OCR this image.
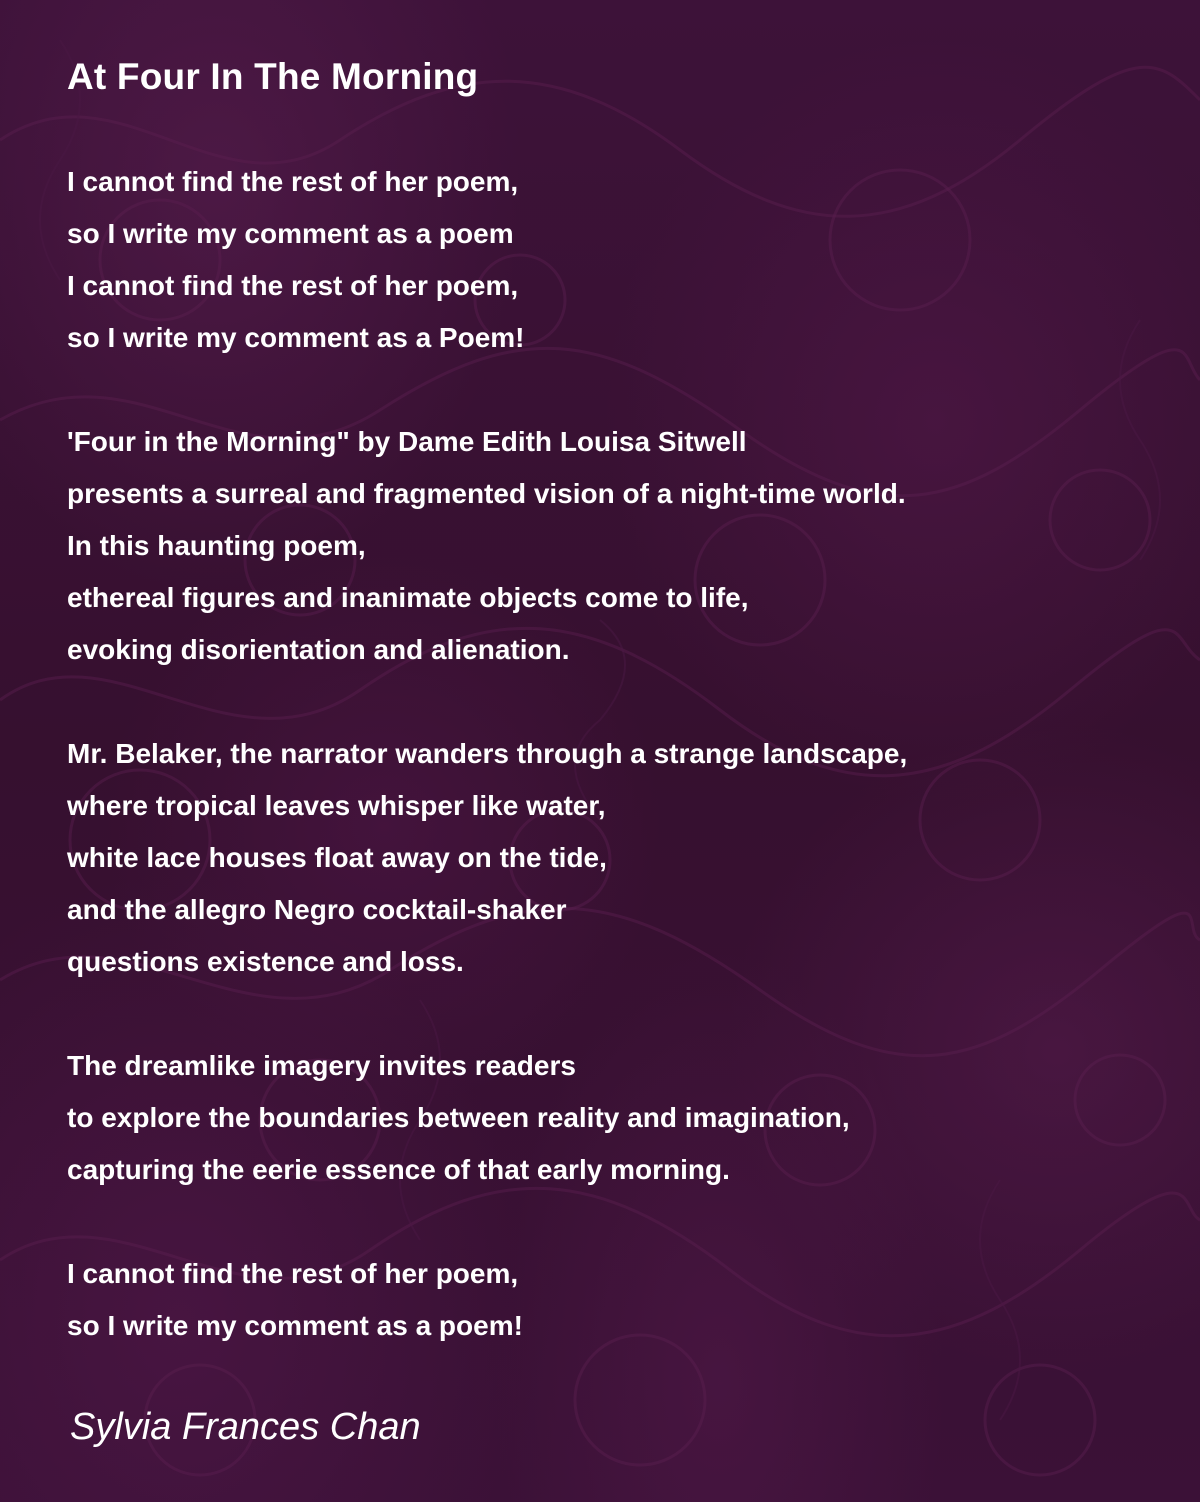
At Four In The Morning
I cannot find the rest of her poem,
so I write my comment as a poem
I cannot find the rest of her poem,
so I write my comment as a Poem!
'Four in the Morning" by Dame Edith Louisa Sitwell
presents a surreal and fragmented vision of a night-time world.
In this haunting poem,
ethereal figures and inanimate objects come to life,
evoking disorientation and alienation.
Mr. Belaker, the narrator wanders through a strange landscape,
where tropical leaves whisper like water,
white lace houses float away on the tide,
and the allegro Negro cocktail-shaker
questions existence and loss.
The dreamlike imagery invites readers
to explore the boundaries between reality and imagination,
capturing the eerie essence of that early morning.
I cannot find the rest of her poem,
so I write my comment as a poem!
Sylvia Frances Chan
